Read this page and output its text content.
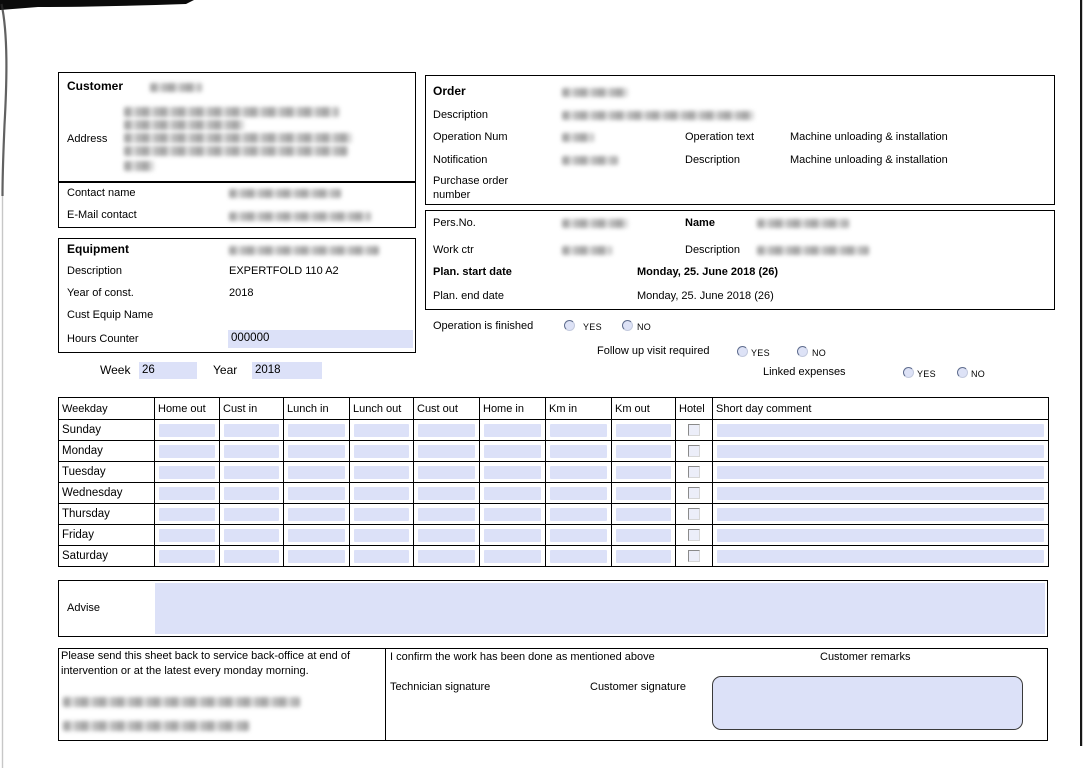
Customer
Address
Contact name
E-Mail contact
Equipment
Description	EXPERTFOLD 110 A2
Year of const.	2018
Cust Equip Name
Hours Counter	000000
Week 26	Year 2018
Order
Description
Operation Num	Operation text	Machine unloading & installation
Notification	Description	Machine unloading & installation
Purchase order number
Pers.No.	Name
Work ctr	Description
Plan. start date	Monday, 25. June 2018 (26)
Plan. end date	Monday, 25. June 2018 (26)
Operation is finished	YES	NO
Follow up visit required	YES	NO
Linked expenses	YES	NO
Weekday	Home out	Cust in	Lunch in	Lunch out	Cust out	Home in	Km in	Km out	Hotel	Short day comment
Sunday	

Monday	

Tuesday	

Wednesday	

Thursday	

Friday	

Saturday	

Advise
Please send this sheet back to service back-office at end of intervention or at the latest every monday morning.
I confirm the work has been done as mentioned above	Customer remarks
Technician signature	Customer signature
